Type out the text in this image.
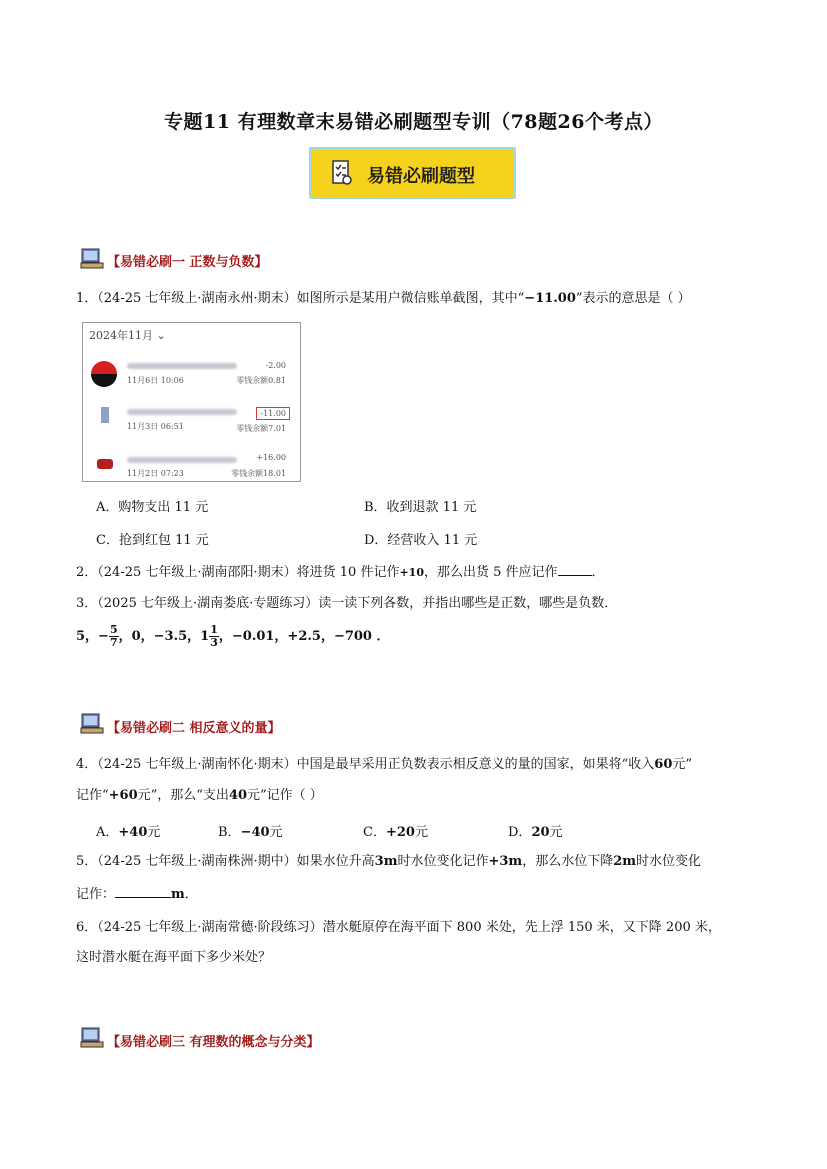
专题11 有理数章末易错必刷题型专训（78题26个考点）
易错必刷题型
【易错必刷一 正数与负数】
1．（24-25 七年级上·湖南永州·期末）如图所示是某用户微信账单截图，其中“−11.00”表示的意思是（ ）
2024年11月 ⌄
11月6日 10:06
-2.00
零钱余额0.81
11月3日 06:51
-11.00
零钱余额7.01
11月2日 07:23
+16.00
零钱余额18.01
A．购物支出 11 元	B．收到退款 11 元
C．抢到红包 11 元	D．经营收入 11 元
2．（24-25 七年级上·湖南邵阳·期末）将进货 10 件记作+10，那么出货 5 件应记作	．
3．（2025 七年级上·湖南娄底·专题练习）读一读下列各数，并指出哪些是正数，哪些是负数．
5，− $\frac{5}{7}$ ，0，−3.5，$1 \frac{1}{3}$ ，−0.01，+2.5，−700 ．
【易错必刷二 相反意义的量】
4．（24-25 七年级上·湖南怀化·期末）中国是最早采用正负数表示相反意义的量的国家，如果将“收入60元”
记作“+60元”，那么“支出40元”记作（ ）
A．+40元	B．−40元	C．+20元	D．20元
5．（24-25 七年级上·湖南株洲·期中）如果水位升高3m时水位变化记作+3m，那么水位下降2m时水位变化
记作：	m．
6．（24-25 七年级上·湖南常德·阶段练习）潜水艇原停在海平面下 800 米处，先上浮 150 米，又下降 200 米，
这时潜水艇在海平面下多少米处？
【易错必刷三 有理数的概念与分类】
